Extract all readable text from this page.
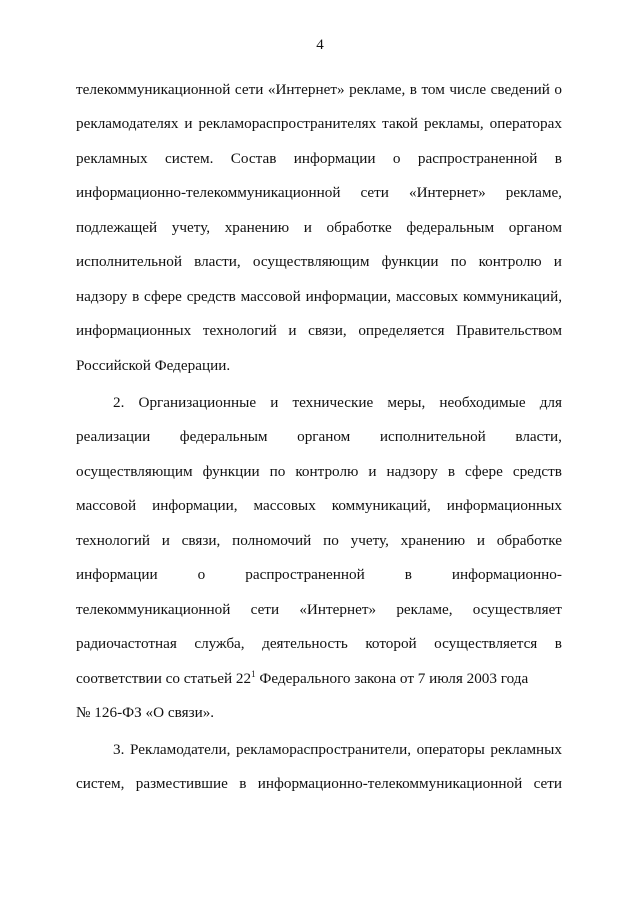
4
телекоммуникационной сети «Интернет» рекламе, в том числе сведений о
рекламодателях и рекламораспространителях такой рекламы, операторах
рекламных систем. Состав информации о распространенной в
информационно-телекоммуникационной сети «Интернет» рекламе,
подлежащей учету, хранению и обработке федеральным органом
исполнительной власти, осуществляющим функции по контролю и
надзору в сфере средств массовой информации, массовых коммуникаций,
информационных технологий и связи, определяется Правительством
Российской Федерации.
2. Организационные и технические меры, необходимые для
реализации федеральным органом исполнительной власти,
осуществляющим функции по контролю и надзору в сфере средств
массовой информации, массовых коммуникаций, информационных
технологий и связи, полномочий по учету, хранению и обработке
информации	о	распространенной	в	информационно-
телекоммуникационной сети «Интернет» рекламе, осуществляет
радиочастотная служба, деятельность которой осуществляется в
соответствии со статьей $22^1$ Федерального закона от 7 июля 2003 года
№ 126-ФЗ «О связи».
3. Рекламодатели, рекламораспространители, операторы рекламных
систем, разместившие в информационно-телекоммуникационной сети
